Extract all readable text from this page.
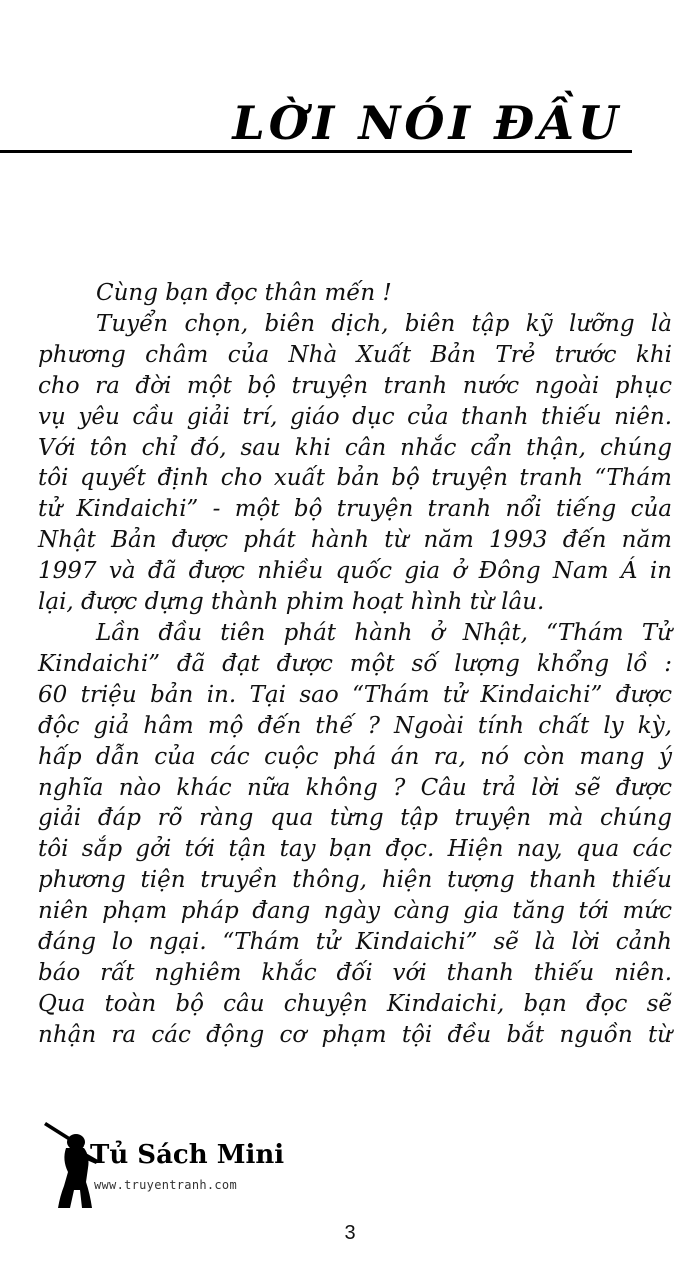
LỜI NÓI ĐẦU
Cùng bạn đọc thân mến !
Tuyển chọn, biên dịch, biên tập kỹ lưỡng là
phương châm của Nhà Xuất Bản Trẻ trước khi
cho ra đời một bộ truyện tranh nước ngoài phục
vụ yêu cầu giải trí, giáo dục của thanh thiếu niên.
Với tôn chỉ đó, sau khi cân nhắc cẩn thận, chúng
tôi quyết định cho xuất bản bộ truyện tranh “Thám
tử Kindaichi” - một bộ truyện tranh nổi tiếng của
Nhật Bản được phát hành từ năm 1993 đến năm
1997 và đã được nhiều quốc gia ở Đông Nam Á in
lại, được dựng thành phim hoạt hình từ lâu.
Lần đầu tiên phát hành ở Nhật, “Thám Tử
Kindaichi” đã đạt được một số lượng khổng lồ :
60 triệu bản in. Tại sao “Thám tử Kindaichi” được
độc giả hâm mộ đến thế ? Ngoài tính chất ly kỳ,
hấp dẫn của các cuộc phá án ra, nó còn mang ý
nghĩa nào khác nữa không ? Câu trả lời sẽ được
giải đáp rõ ràng qua từng tập truyện mà chúng
tôi sắp gởi tới tận tay bạn đọc. Hiện nay, qua các
phương tiện truyền thông, hiện tượng thanh thiếu
niên phạm pháp đang ngày càng gia tăng tới mức
đáng lo ngại. “Thám tử Kindaichi” sẽ là lời cảnh
báo rất nghiêm khắc đối với thanh thiếu niên.
Qua toàn bộ câu chuyện Kindaichi, bạn đọc sẽ
nhận ra các động cơ phạm tội đều bắt nguồn từ
Tủ Sách Mini
www.truyentranh.com
3
